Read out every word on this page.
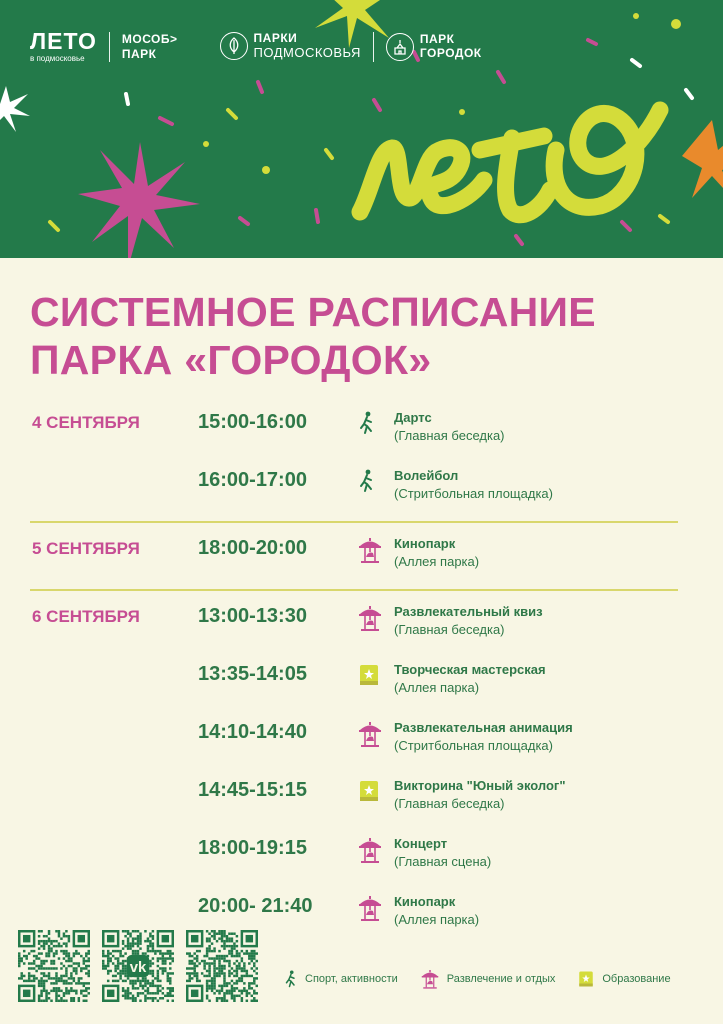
ЛЕТО
в подмосковье
МОСОБ>
ПАРК
ПАРКИ
ПОДМОСКОВЬЯ
ПАРК
ГОРОДОК
СИСТЕМНОЕ РАСПИСАНИЕ
ПАРКА «ГОРОДОК»
4 СЕНТЯБРЯ	15:00-16:00	Дартс
(Главная беседка)
16:00-17:00	Волейбол
(Стритбольная площадка)
5 СЕНТЯБРЯ	18:00-20:00	Кинопарк
(Аллея парка)
6 СЕНТЯБРЯ	13:00-13:30	Развлекательный квиз
(Главная беседка)
13:35-14:05	Творческая мастерская
(Аллея парка)
14:10-14:40	Развлекательная анимация
(Стритбольная площадка)
14:45-15:15	Викторина "Юный эколог"
(Главная беседка)
18:00-19:15	Концерт
(Главная сцена)
20:00- 21:40	Кинопарк
(Аллея парка)
vk
Спорт, активности	Развлечение и отдых	Образование
